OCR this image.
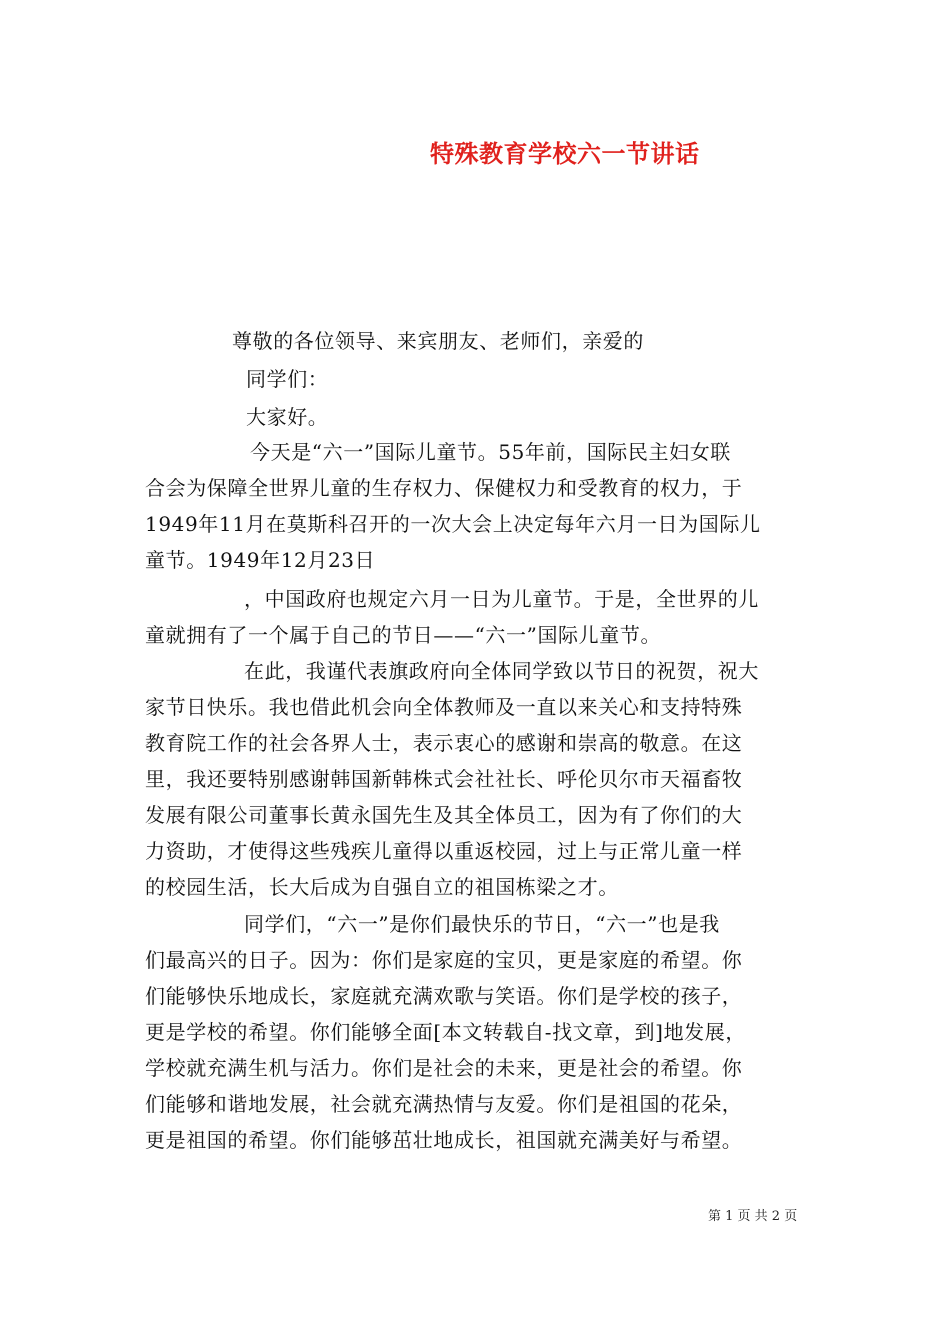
特殊教育学校六一节讲话
尊敬的各位领导、来宾朋友、老师们，亲爱的
同学们：
大家好。
今天是“六一”国际儿童节。55年前，国际民主妇女联
合会为保障全世界儿童的生存权力、保健权力和受教育的权力，于
1949年11月在莫斯科召开的一次大会上决定每年六月一日为国际儿
童节。1949年12月23日
，中国政府也规定六月一日为儿童节。于是，全世界的儿
童就拥有了一个属于自己的节日——“六一”国际儿童节。
在此，我谨代表旗政府向全体同学致以节日的祝贺，祝大
家节日快乐。我也借此机会向全体教师及一直以来关心和支持特殊
教育院工作的社会各界人士，表示衷心的感谢和崇高的敬意。在这
里，我还要特别感谢韩国新韩株式会社社长、呼伦贝尔市天福畜牧
发展有限公司董事长黄永国先生及其全体员工，因为有了你们的大
力资助，才使得这些残疾儿童得以重返校园，过上与正常儿童一样
的校园生活，长大后成为自强自立的祖国栋梁之才。
同学们，“六一”是你们最快乐的节日，“六一”也是我
们最高兴的日子。因为：你们是家庭的宝贝，更是家庭的希望。你
们能够快乐地成长，家庭就充满欢歌与笑语。你们是学校的孩子，
更是学校的希望。你们能够全面[本文转载自-找文章，到]地发展，
学校就充满生机与活力。你们是社会的未来，更是社会的希望。你
们能够和谐地发展，社会就充满热情与友爱。你们是祖国的花朵，
更是祖国的希望。你们能够茁壮地成长，祖国就充满美好与希望。
第 1 页 共 2 页
